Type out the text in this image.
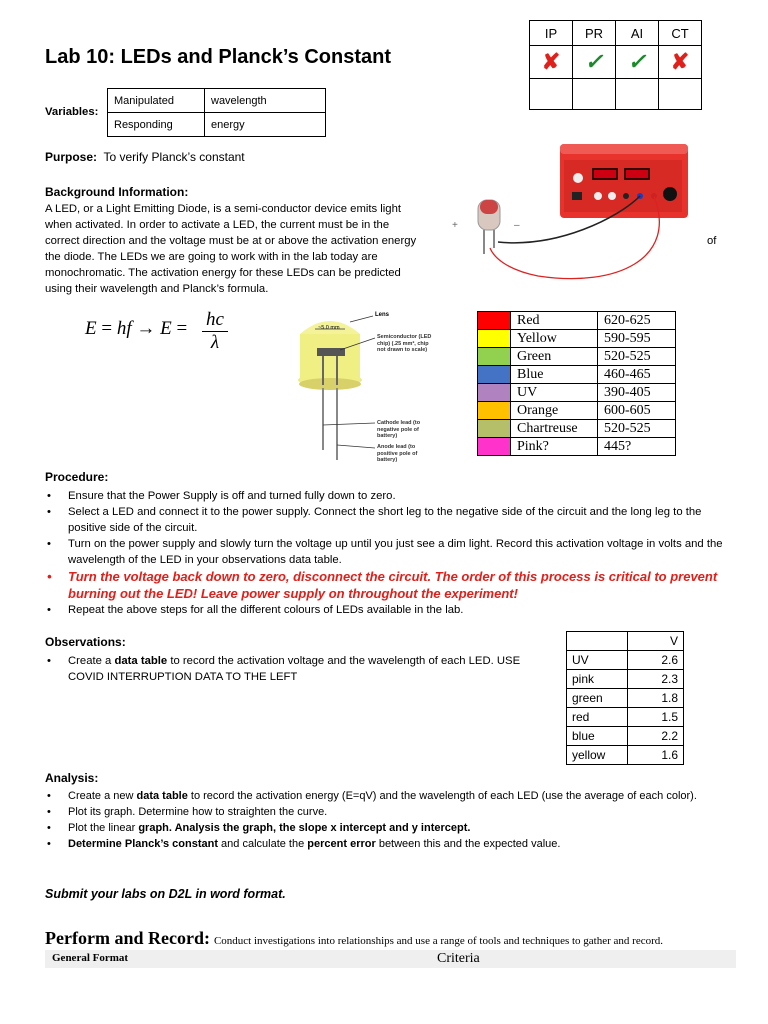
IP	PR	AI	CT
✘	✓	✓	✘

Lab 10: LEDs and Planck’s Constant
Variables:
Manipulated	wavelength
Responding	energy
Purpose: To verify Planck’s constant
Background Information:
A LED, or a Light Emitting Diode, is a semi-conductor device emits light
when activated. In order to activate a LED, the current must be in the
correct direction and the voltage must be at or above the activation energy
the diode. The LEDs we are going to work with in the lab today are
monochromatic. The activation energy for these LEDs can be predicted
using their wavelength and Planck’s formula.
of
+	–
E = hf → $E = \frac{hc}{\lambda}$	~5.0 mm
Lens
Semiconductor (LED chip) (.25 mm², chip not drawn to scale)
Cathode lead (to negative pole of battery)
Anode lead (to positive pole of battery)
	Red	620-625
	Yellow	590-595
	Green	520-525
	Blue	460-465
	UV	390-405
	Orange	600-605
	Chartreuse	520-525
	Pink?	445?
Procedure:
• Ensure that the Power Supply is off and turned fully down to zero.
• Select a LED and connect it to the power supply. Connect the short leg to the negative side of the circuit and the long leg to the positive side of the circuit.
• Turn on the power supply and slowly turn the voltage up until you just see a dim light. Record this activation voltage in volts and the wavelength of the LED in your observations data table.
• Turn the voltage back down to zero, disconnect the circuit. The order of this process is critical to prevent burning out the LED! Leave power supply on throughout the experiment!
• Repeat the above steps for all the different colours of LEDs available in the lab.
Observations:
• Create a data table to record the activation voltage and the wavelength of each LED. USE COVID INTERRUPTION DATA TO THE LEFT
	V
UV	2.6
pink	2.3
green	1.8
red	1.5
blue	2.2
yellow	1.6
Analysis:
• Create a new data table to record the activation energy (E=qV) and the wavelength of each LED (use the average of each color).
• Plot its graph. Determine how to straighten the curve.
• Plot the linear graph. Analysis the graph, the slope x intercept and y intercept.
• Determine Planck’s constant and calculate the percent error between this and the expected value.
Submit your labs on D2L in word format.
Perform and Record: Conduct investigations into relationships and use a range of tools and techniques to gather and record.
General Format	Criteria
